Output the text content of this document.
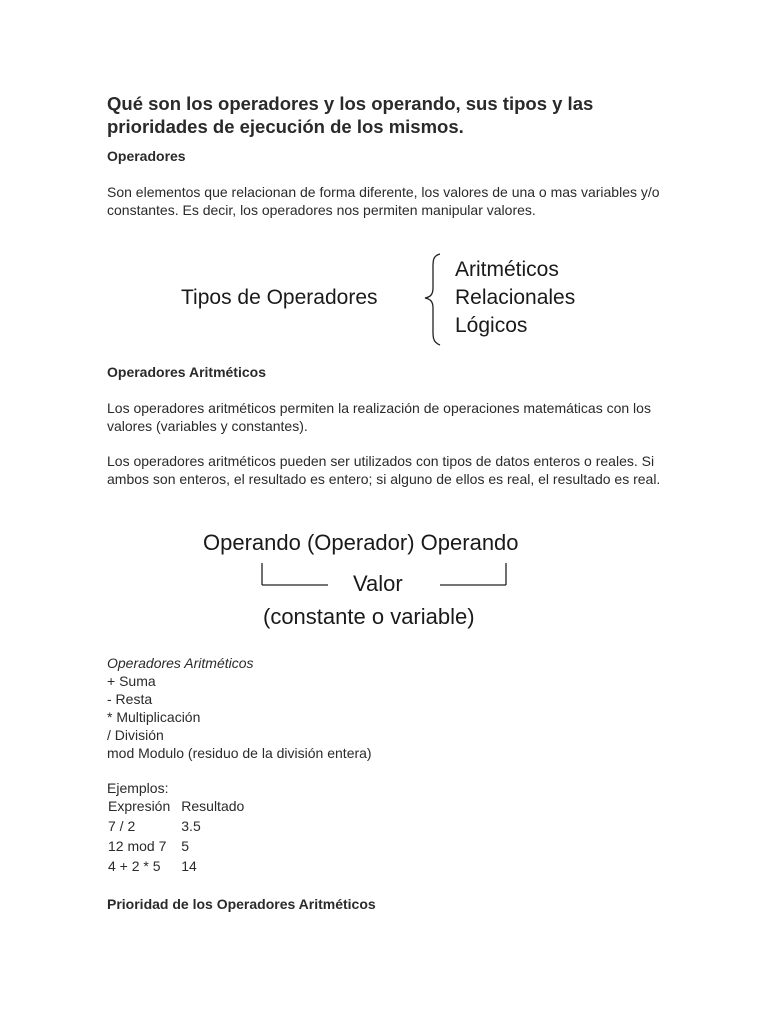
Qué son los operadores y los operando, sus tipos y las prioridades de ejecución de los mismos.

Operadores

Son elementos que relacionan de forma diferente, los valores de una o mas variables y/o constantes. Es decir, los operadores nos permiten manipular valores.

Tipos de Operadores
Aritméticos
Relacionales
Lógicos

Operadores Aritméticos

Los operadores aritméticos permiten la realización de operaciones matemáticas con los valores (variables y constantes).

Los operadores aritméticos pueden ser utilizados con tipos de datos enteros o reales. Si ambos son enteros, el resultado es entero; si alguno de ellos es real, el resultado es real.

Operando (Operador) Operando
Valor
(constante o variable)
Operadores Aritméticos
+ Suma
- Resta
* Multiplicación
/ División
mod Modulo (residuo de la división entera)

Ejemplos:

Expresión	Resultado
7 / 2	3.5
12 mod 7	5
4 + 2 * 5	14

Prioridad de los Operadores Aritméticos
